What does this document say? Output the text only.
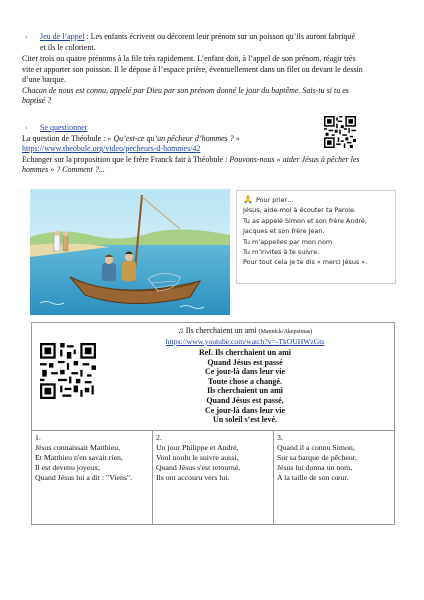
› Jeu de l’appel : Les enfants écrivent ou décorent leur prénom sur un poisson qu’ils auront fabriqué
et ils le colorient.
Citer trois ou quatre prénoms à la file très rapidement. L’enfant doit, à l’appel de son prénom, réagir très
vite et apporter son poisson. Il le dépose à l’espace prière, éventuellement dans un filet ou devant le dessin
d’une barque.
Chacun de nous est connu, appelé par Dieu par son prénom donné le jour du baptême. Sais-tu si tu es
baptisé ?
› Se questionner
La question de Théobule : « Qu’est-ce qu’un pêcheur d’hommes ? »
https://www.theobule.org/video/pecheurs-d-hommes/42
Echanger sur la proposition que le frère Franck fait à Théobule : Pouvons-nous « aider Jésus à pêcher les
hommes » ? Comment ?...
🙏 Pour prier…
Jésus, aide-moi à écouter ta Parole.
Tu as appelé Simon et son frère André,
Jacques et son frère Jean.
Tu m’appelles par mon nom
Tu m’invites à te suivre.
Pour tout cela je te dis « merci Jésus ».
♫ Ils cherchaient un ami (Mannick/Akepsimas)
https://www.youtube.com/watch?v=-TkOUHWzGts
Ref. Ils cherchaient un ami
Quand Jésus est passé
Ce jour-là dans leur vie
Toute chose a changé.
Ils cherchaient un ami
Quand Jésus est passé,
Ce jour-là dans leur vie
Un soleil s’est levé.
1.
Jésus connaissait Matthieu,
Et Matthieu n'en savait rien,
Il est devenu joyeux,
Quand Jésus lui a dit : "Viens".
2.
Un jour Philippe et André,
Voul noulu le suivre aussi,
Quand Jésus s'est retourné,
Ils ont accouru vers lui.
3.
Quand il a connu Simon,
Sur sa barque de pêcheur,
Jésus lui donna un nom,
A la taille de son cœur.
